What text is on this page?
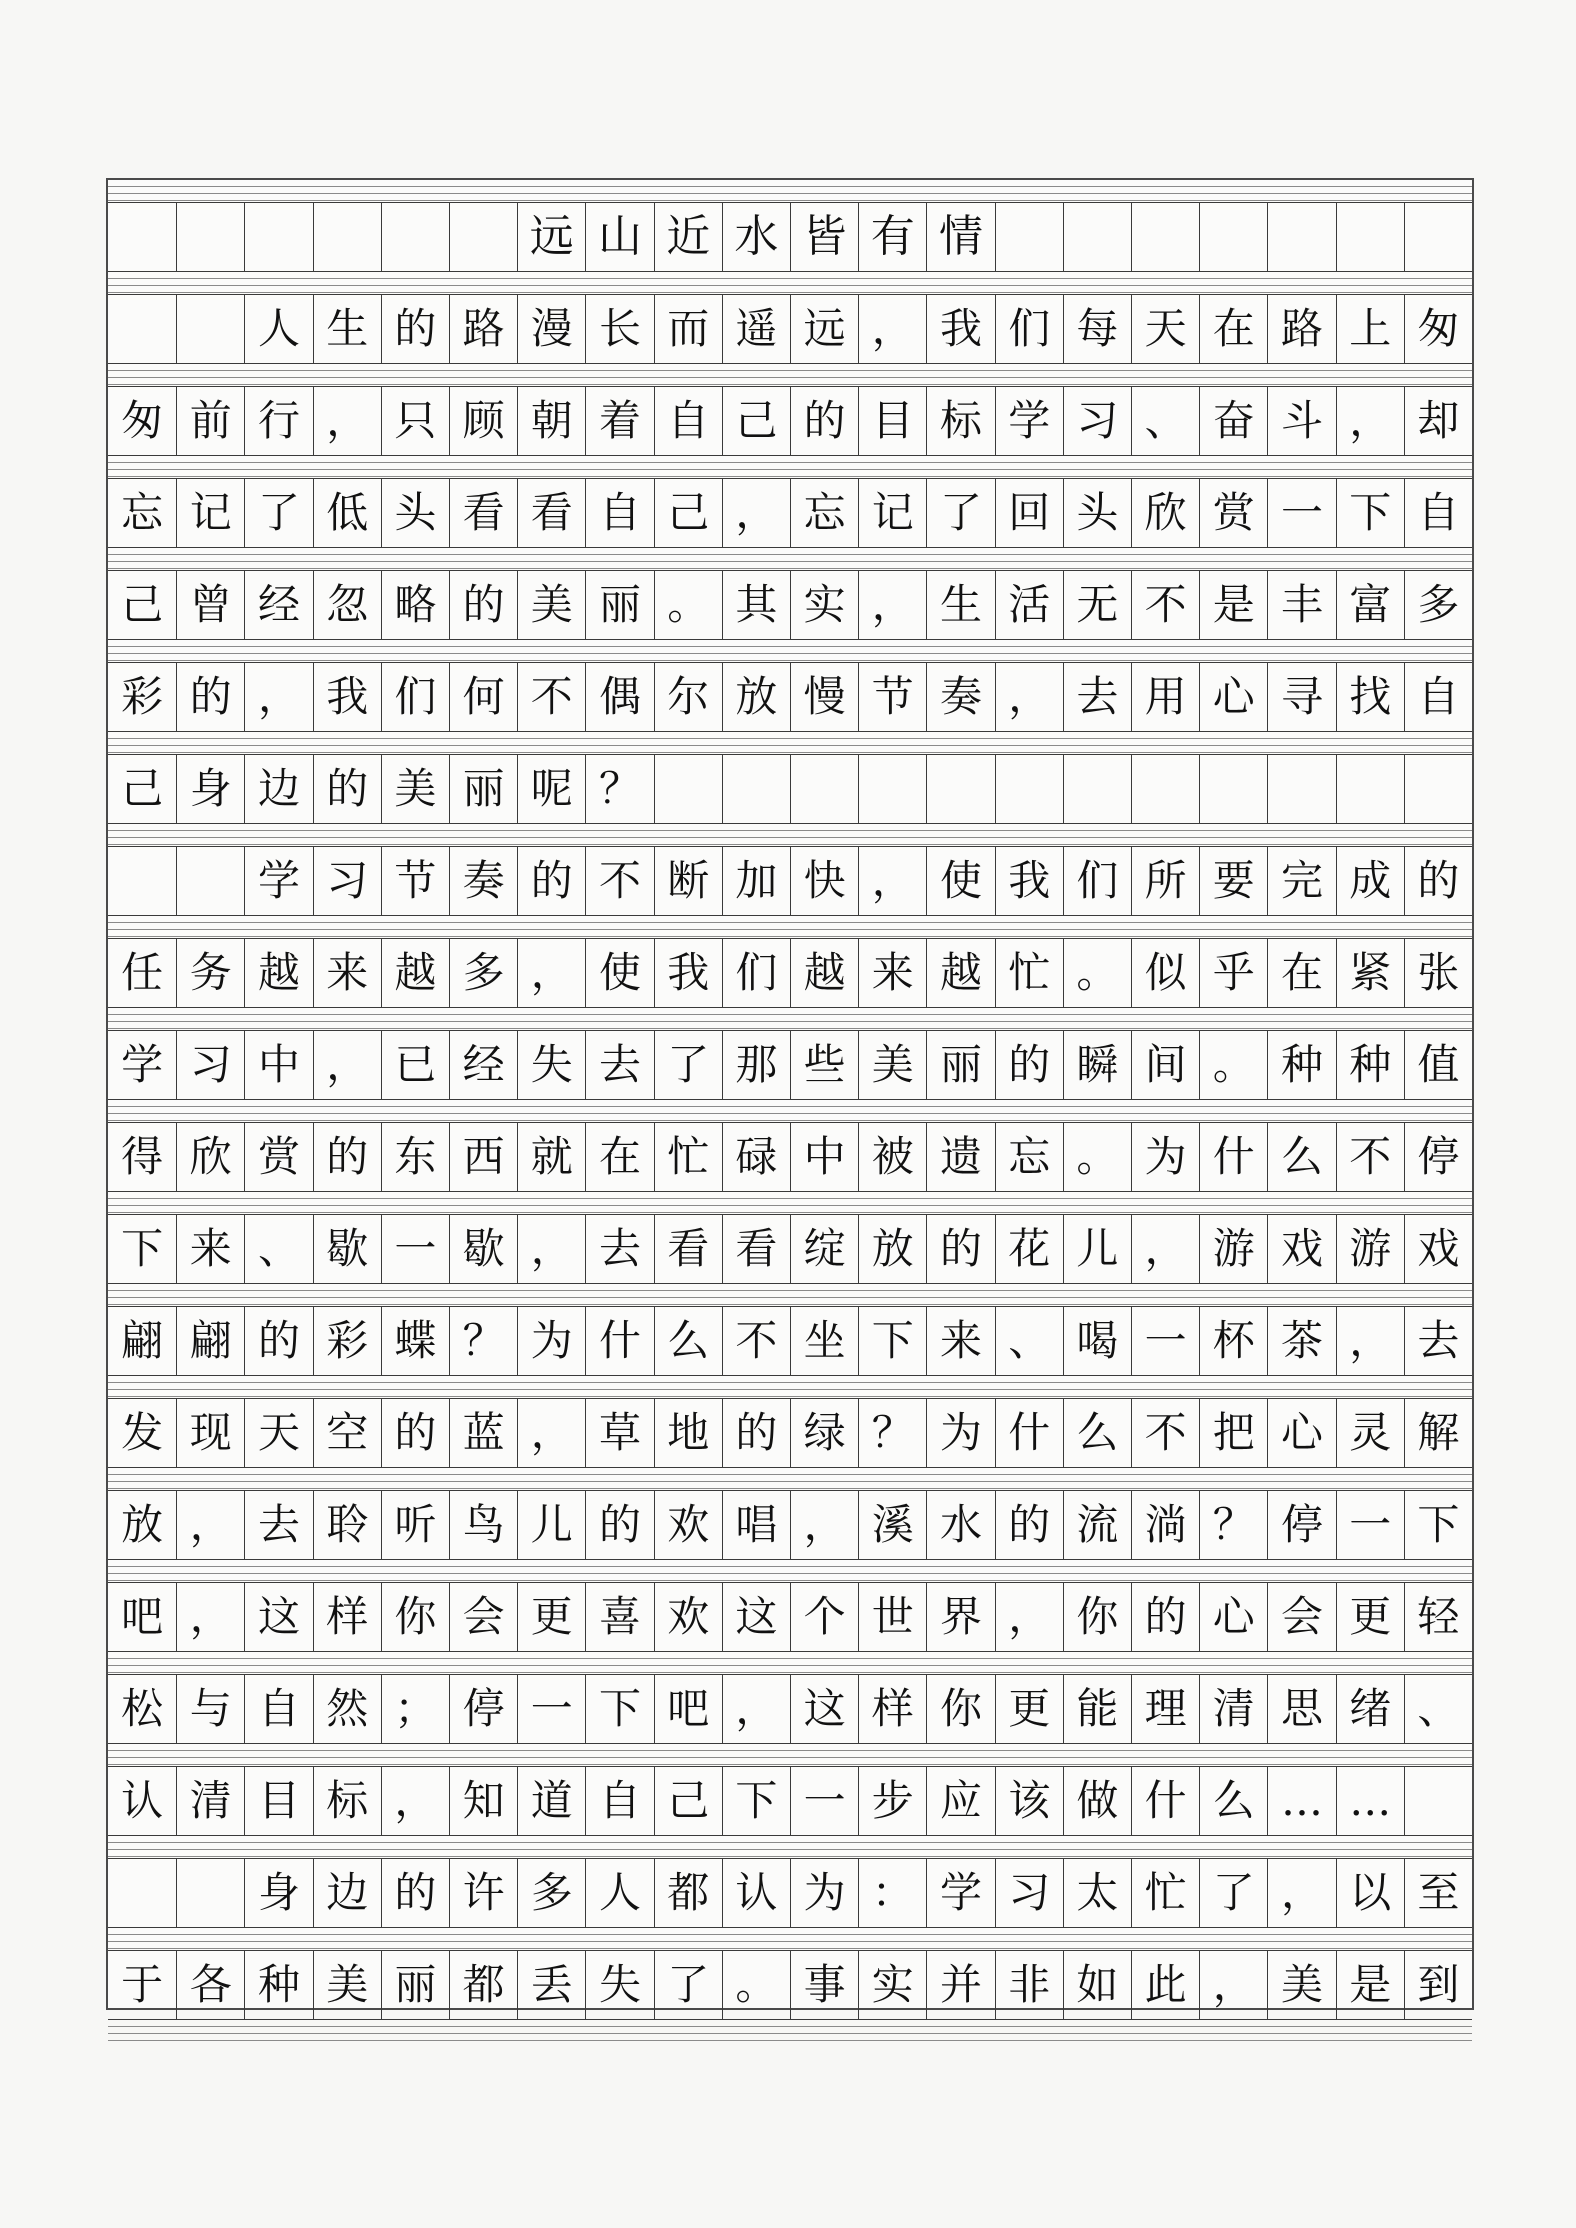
远 山 近 水 皆 有 情
人 生 的 路 漫 长 而 遥 远 ， 我 们 每 天 在 路 上 匆
匆 前 行 ， 只 顾 朝 着 自 己 的 目 标 学 习 、 奋 斗 ， 却
忘 记 了 低 头 看 看 自 己 ， 忘 记 了 回 头 欣 赏 一 下 自
己 曾 经 忽 略 的 美 丽 。 其 实 ， 生 活 无 不 是 丰 富 多
彩 的 ， 我 们 何 不 偶 尔 放 慢 节 奏 ， 去 用 心 寻 找 自
己 身 边 的 美 丽 呢 ？
学 习 节 奏 的 不 断 加 快 ， 使 我 们 所 要 完 成 的
任 务 越 来 越 多 ， 使 我 们 越 来 越 忙 。 似 乎 在 紧 张
学 习 中 ， 已 经 失 去 了 那 些 美 丽 的 瞬 间 。 种 种 值
得 欣 赏 的 东 西 就 在 忙 碌 中 被 遗 忘 。 为 什 么 不 停
下 来 、 歇 一 歇 ， 去 看 看 绽 放 的 花 儿 ， 游 戏 游 戏
翩 翩 的 彩 蝶 ？ 为 什 么 不 坐 下 来 、 喝 一 杯 茶 ， 去
发 现 天 空 的 蓝 ， 草 地 的 绿 ？ 为 什 么 不 把 心 灵 解
放 ， 去 聆 听 鸟 儿 的 欢 唱 ， 溪 水 的 流 淌 ？ 停 一 下
吧 ， 这 样 你 会 更 喜 欢 这 个 世 界 ， 你 的 心 会 更 轻
松 与 自 然 ； 停 一 下 吧 ， 这 样 你 更 能 理 清 思 绪 、
认 清 目 标 ， 知 道 自 己 下 一 步 应 该 做 什 么 … …
身 边 的 许 多 人 都 认 为 ： 学 习 太 忙 了 ， 以 至
于 各 种 美 丽 都 丢 失 了 。 事 实 并 非 如 此 ， 美 是 到
